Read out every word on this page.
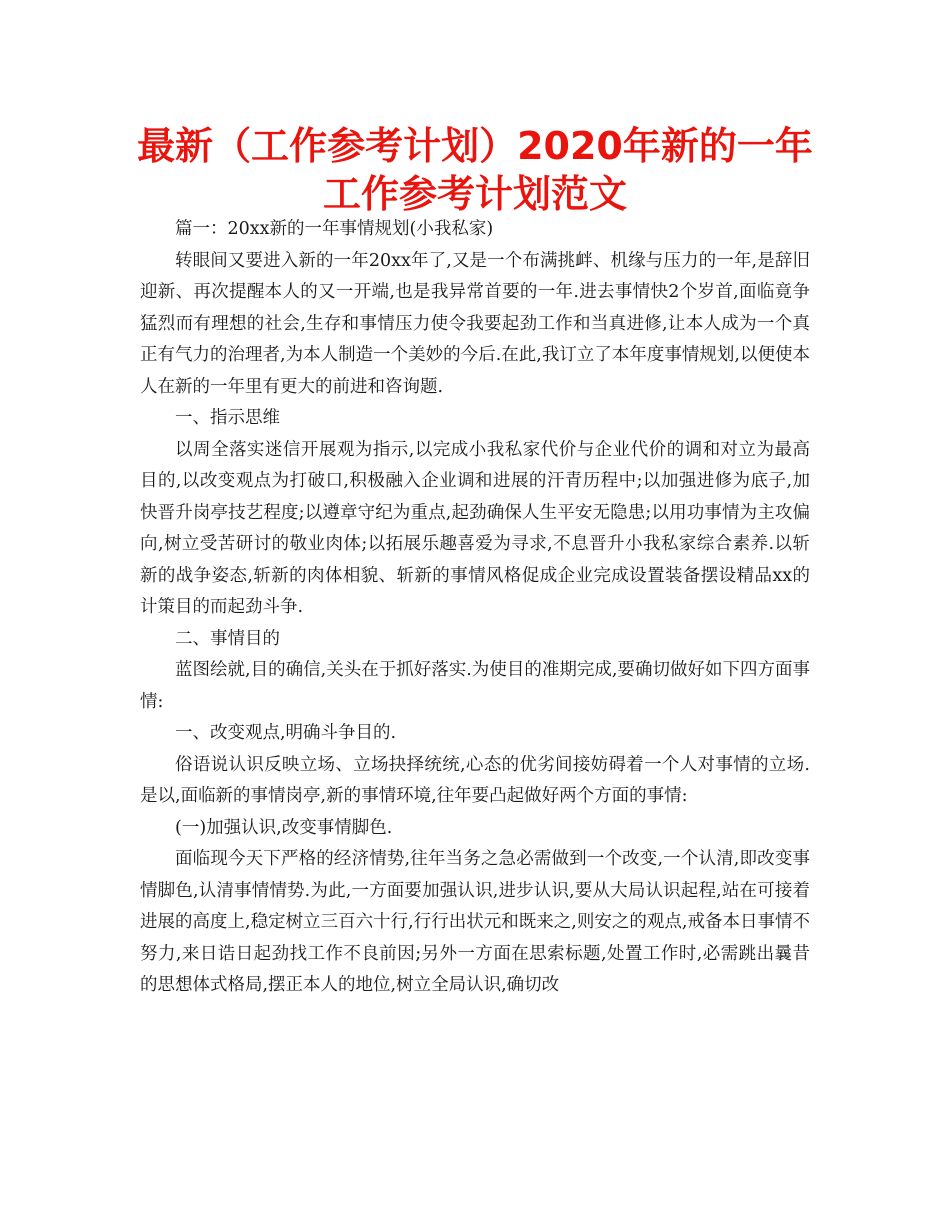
最新（工作参考计划）2020年新的一年工作参考计划范文

篇一：20xx新的一年事情规划(小我私家)

转眼间又要进入新的一年20xx年了,又是一个布满挑衅、机缘与压力的一年,是辞旧迎新、再次提醒本人的又一开端,也是我异常首要的一年.进去事情快2个岁首,面临竟争猛烈而有理想的社会,生存和事情压力使令我要起劲工作和当真进修,让本人成为一个真正有气力的治理者,为本人制造一个美妙的今后.在此,我订立了本年度事情规划,以便使本人在新的一年里有更大的前进和咨询题.

一、指示思维

以周全落实迷信开展观为指示,以完成小我私家代价与企业代价的调和对立为最高目的,以改变观点为打破口,积极融入企业调和进展的汗青历程中;以加强进修为底子,加快晋升岗亭技艺程度;以遵章守纪为重点,起劲确保人生平安无隐患;以用功事情为主攻偏向,树立受苦研讨的敬业肉体;以拓展乐趣喜爱为寻求,不息晋升小我私家综合素养.以斩新的战争姿态,斩新的肉体相貌、斩新的事情风格促成企业完成设置装备摆设精品xx的计策目的而起劲斗争.

二、事情目的

蓝图绘就,目的确信,关头在于抓好落实.为使目的准期完成,要确切做好如下四方面事情:

一、改变观点,明确斗争目的.

俗语说认识反映立场、立场抉择统统,心态的优劣间接妨碍着一个人对事情的立场.是以,面临新的事情岗亭,新的事情环境,往年要凸起做好两个方面的事情:

(一)加强认识,改变事情脚色.

面临现今天下严格的经济情势,往年当务之急必需做到一个改变,一个认清,即改变事情脚色,认清事情情势.为此,一方面要加强认识,进步认识,要从大局认识起程,站在可接着进展的高度上,稳定树立三百六十行,行行出状元和既来之,则安之的观点,戒备本日事情不努力,来日诰日起劲找工作不良前因;另外一方面在思索标题,处置工作时,必需跳出曩昔的思想体式格局,摆正本人的地位,树立全局认识,确切改
